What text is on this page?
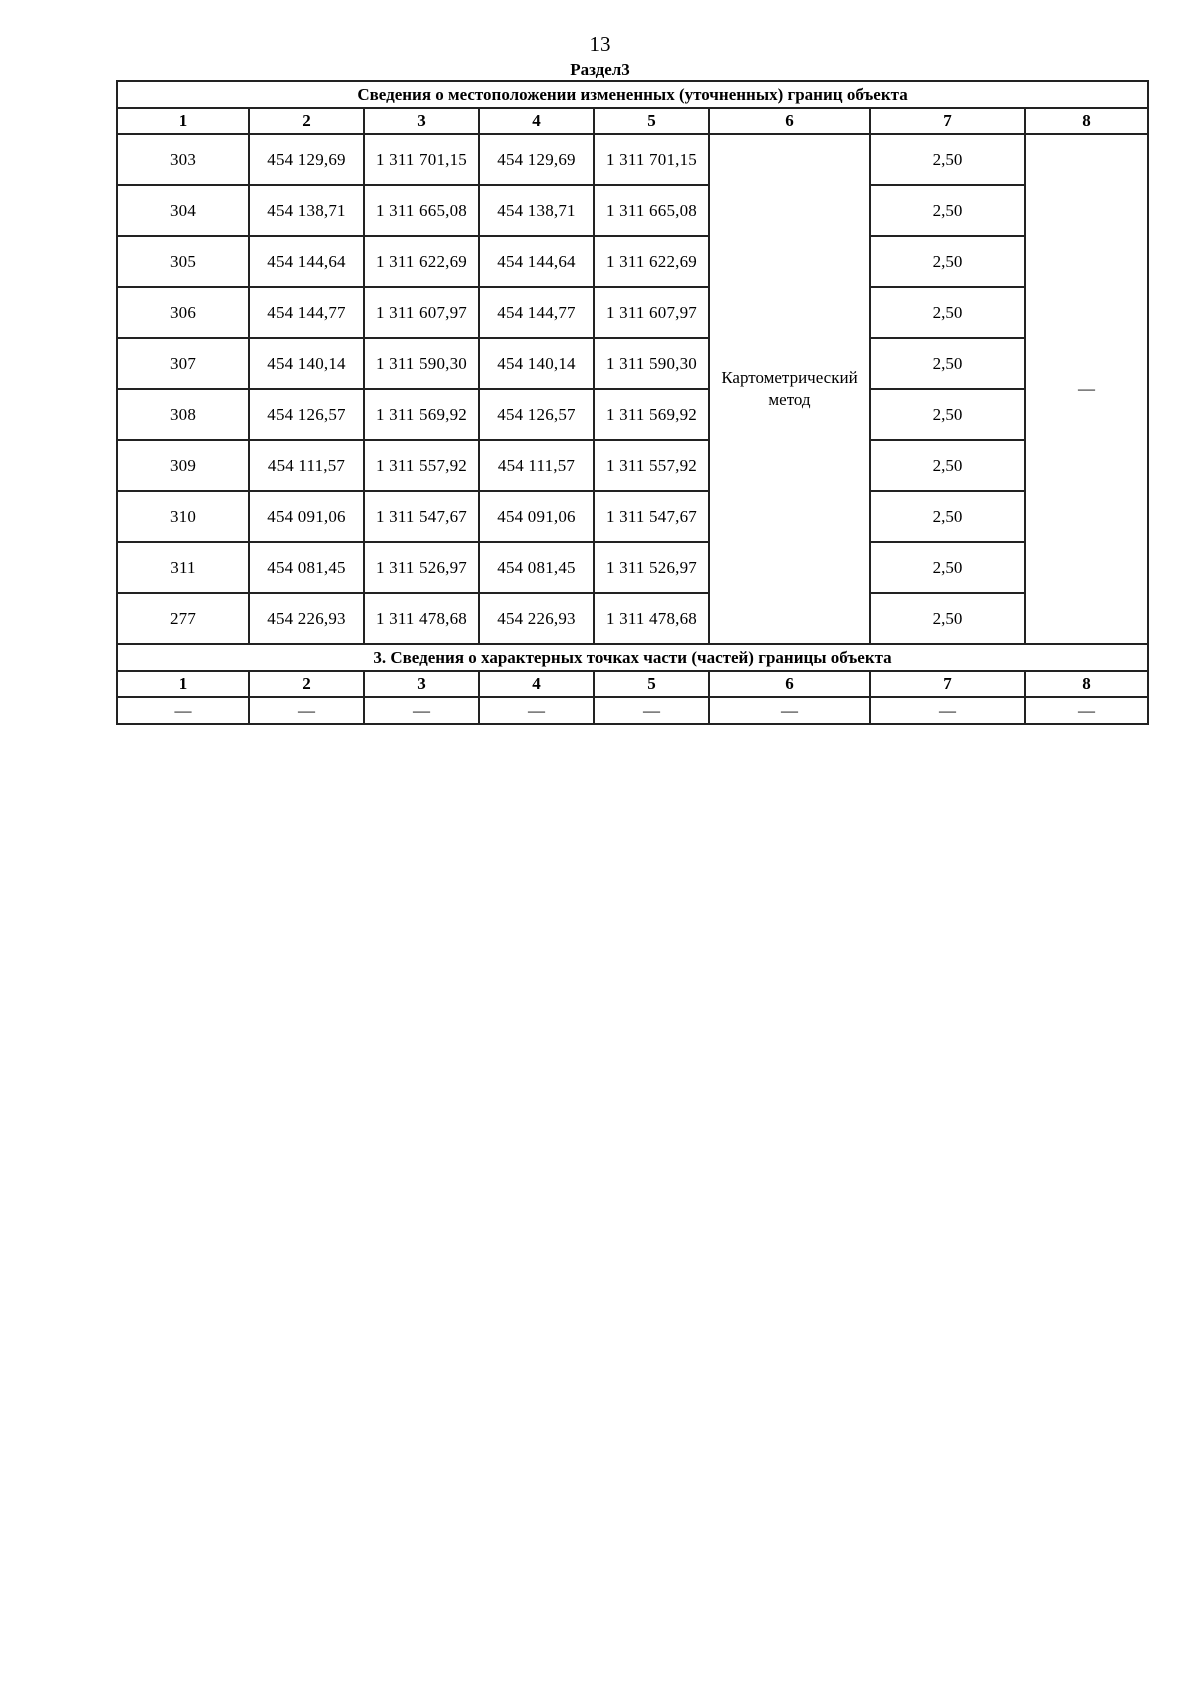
13
Раздел3
Сведения о местоположении измененных (уточненных) границ объекта							
1	2	3	4	5	6	7	8
303	454 129,69	1 311 701,15	454 129,69	1 311 701,15	Картометрический метод	2,50	—
304	454 138,71	1 311 665,08	454 138,71	1 311 665,08		2,50	
305	454 144,64	1 311 622,69	454 144,64	1 311 622,69		2,50	
306	454 144,77	1 311 607,97	454 144,77	1 311 607,97		2,50	
307	454 140,14	1 311 590,30	454 140,14	1 311 590,30		2,50	
308	454 126,57	1 311 569,92	454 126,57	1 311 569,92		2,50	
309	454 111,57	1 311 557,92	454 111,57	1 311 557,92		2,50	
310	454 091,06	1 311 547,67	454 091,06	1 311 547,67		2,50	
311	454 081,45	1 311 526,97	454 081,45	1 311 526,97		2,50	
277	454 226,93	1 311 478,68	454 226,93	1 311 478,68		2,50	
3. Сведения о характерных точках части (частей) границы объекта							
1	2	3	4	5	6	7	8
—	—	—	—	—	—	—	—
